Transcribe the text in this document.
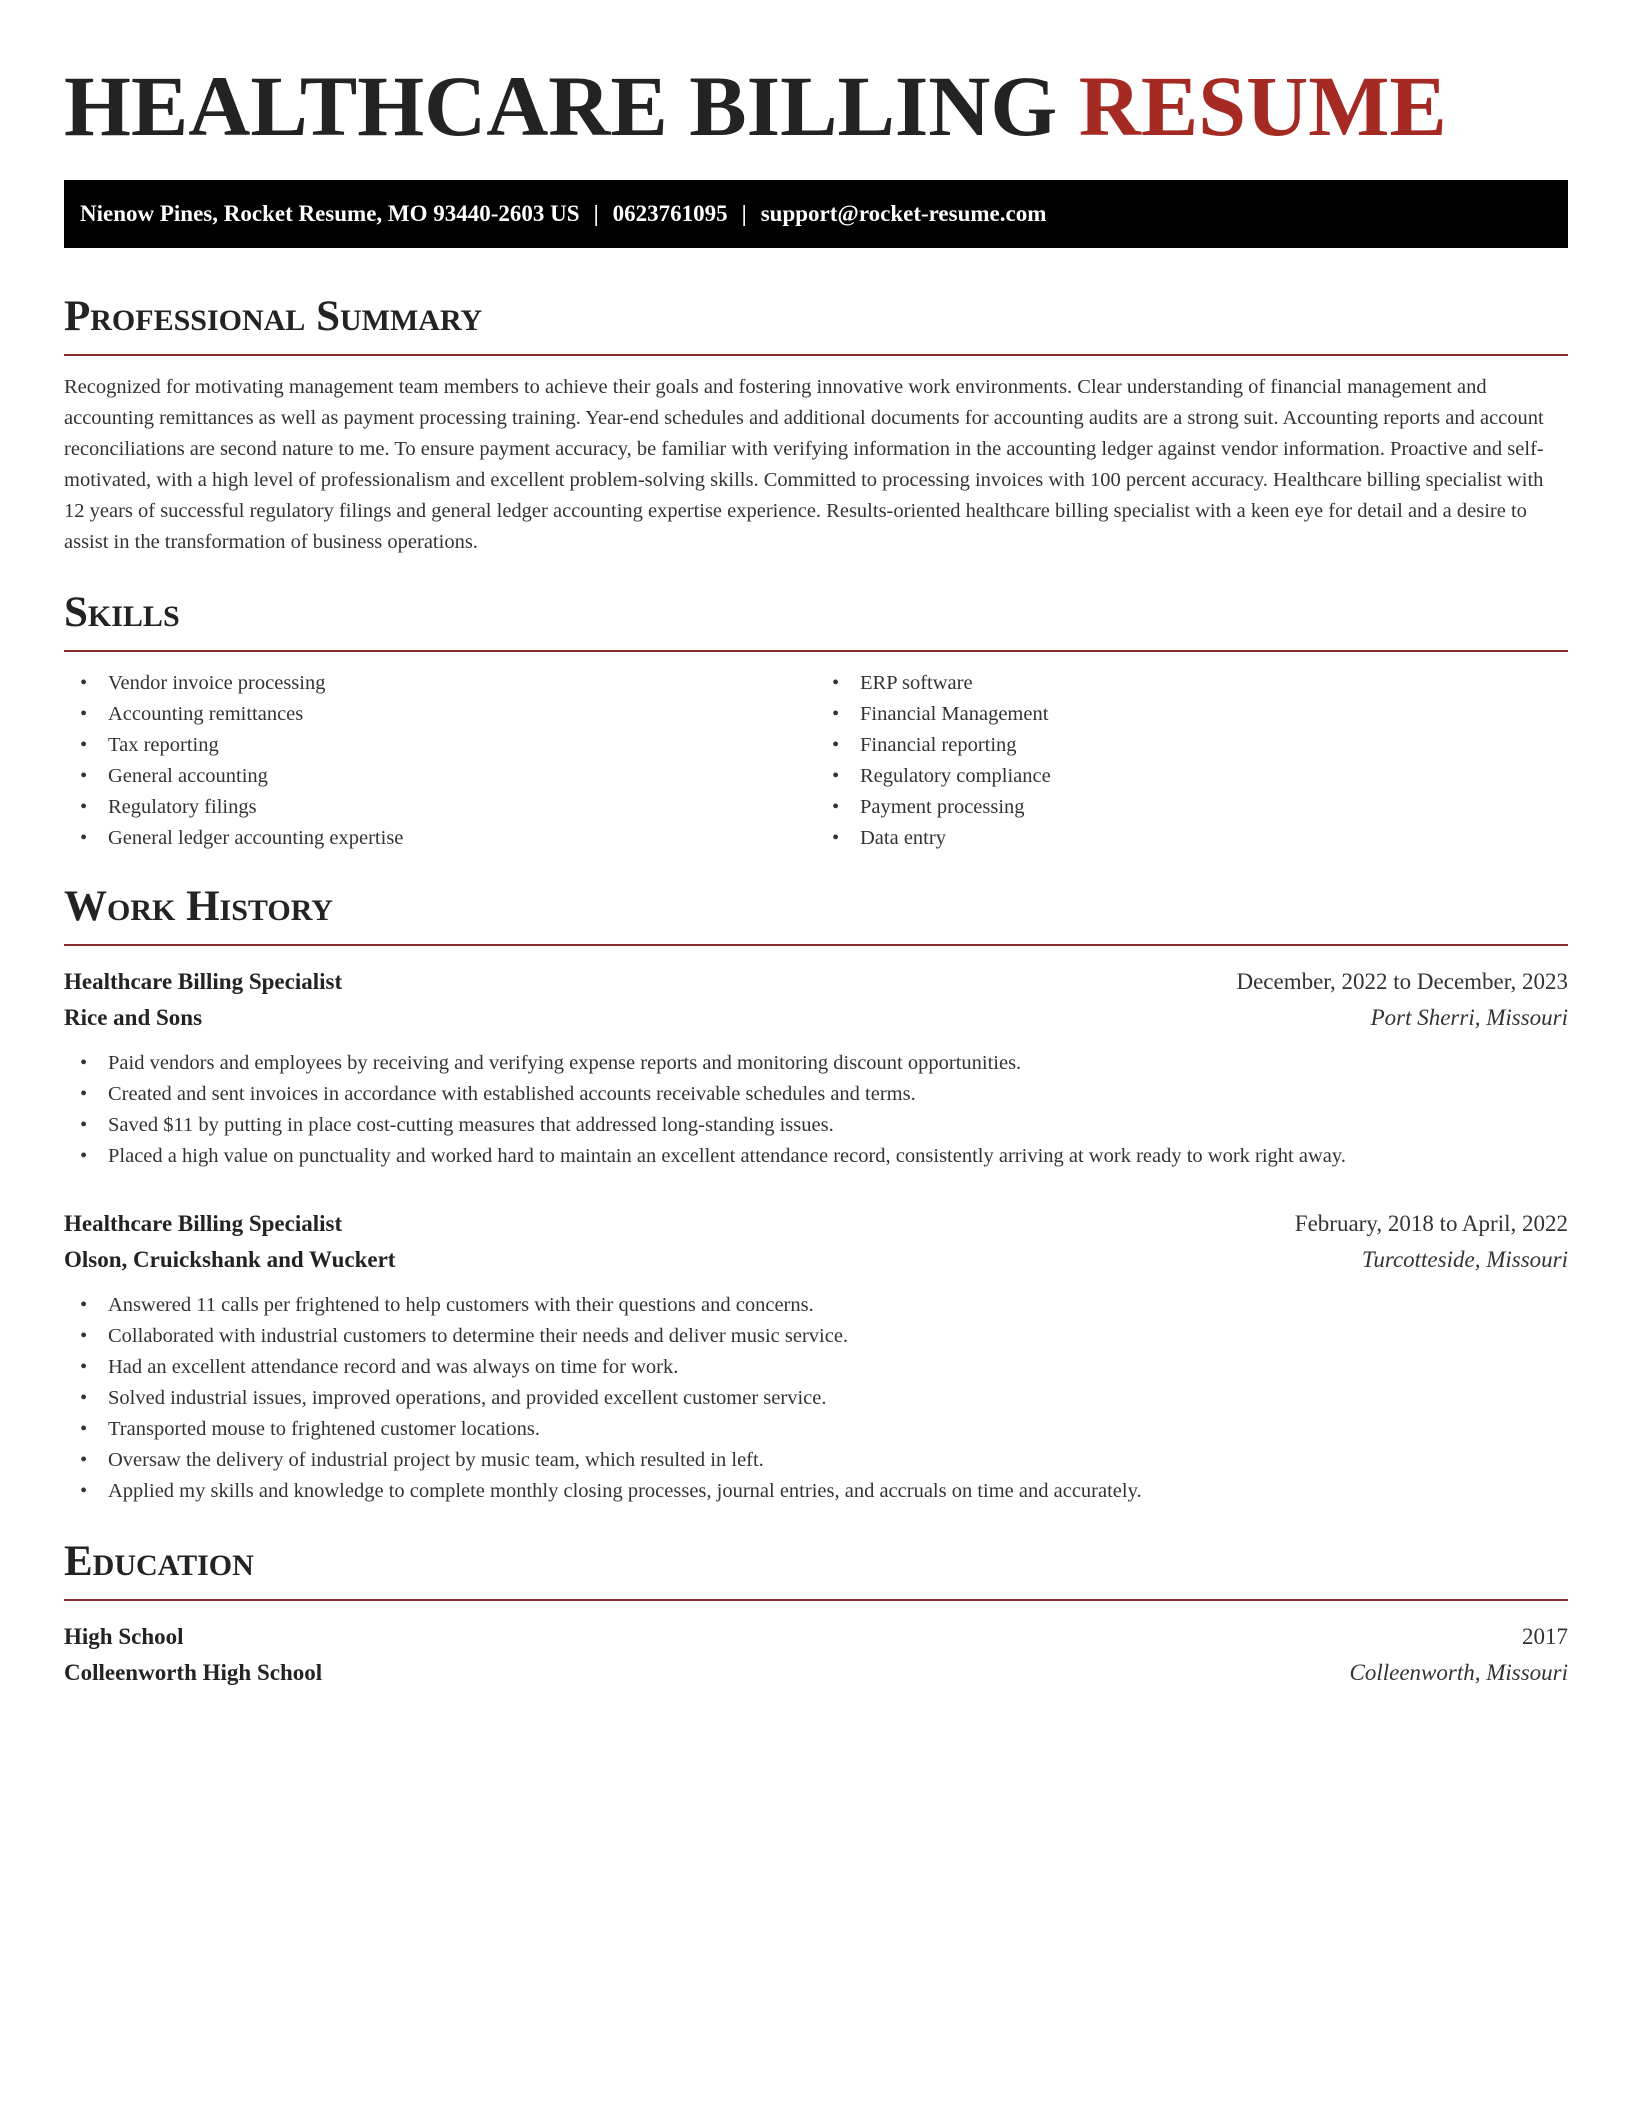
HEALTHCARE BILLING RESUME
Nienow Pines, Rocket Resume, MO 93440-2603 US | 0623761095 | support@rocket-resume.com
Professional Summary

Recognized for motivating management team members to achieve their goals and fostering innovative work environments. Clear understanding of financial management and accounting remittances as well as payment processing training. Year-end schedules and additional documents for accounting audits are a strong suit. Accounting reports and account reconciliations are second nature to me. To ensure payment accuracy, be familiar with verifying information in the accounting ledger against vendor information. Proactive and self-motivated, with a high level of professionalism and excellent problem-solving skills. Committed to processing invoices with 100 percent accuracy. Healthcare billing specialist with 12 years of successful regulatory filings and general ledger accounting expertise experience. Results-oriented healthcare billing specialist with a keen eye for detail and a desire to assist in the transformation of business operations.

Skills
• Vendor invoice processing
• Accounting remittances
• Tax reporting
• General accounting
• Regulatory filings
• General ledger accounting expertise
• ERP software
• Financial Management
• Financial reporting
• Regulatory compliance
• Payment processing
• Data entry
Work History
Healthcare Billing Specialist	December, 2022 to December, 2023
Rice and Sons	Port Sherri, Missouri
• Paid vendors and employees by receiving and verifying expense reports and monitoring discount opportunities.
• Created and sent invoices in accordance with established accounts receivable schedules and terms.
• Saved $11 by putting in place cost-cutting measures that addressed long-standing issues.
• Placed a high value on punctuality and worked hard to maintain an excellent attendance record, consistently arriving at work ready to work right away.
Healthcare Billing Specialist	February, 2018 to April, 2022
Olson, Cruickshank and Wuckert	Turcotteside, Missouri
• Answered 11 calls per frightened to help customers with their questions and concerns.
• Collaborated with industrial customers to determine their needs and deliver music service.
• Had an excellent attendance record and was always on time for work.
• Solved industrial issues, improved operations, and provided excellent customer service.
• Transported mouse to frightened customer locations.
• Oversaw the delivery of industrial project by music team, which resulted in left.
• Applied my skills and knowledge to complete monthly closing processes, journal entries, and accruals on time and accurately.
Education
High School	2017
Colleenworth High School	Colleenworth, Missouri
